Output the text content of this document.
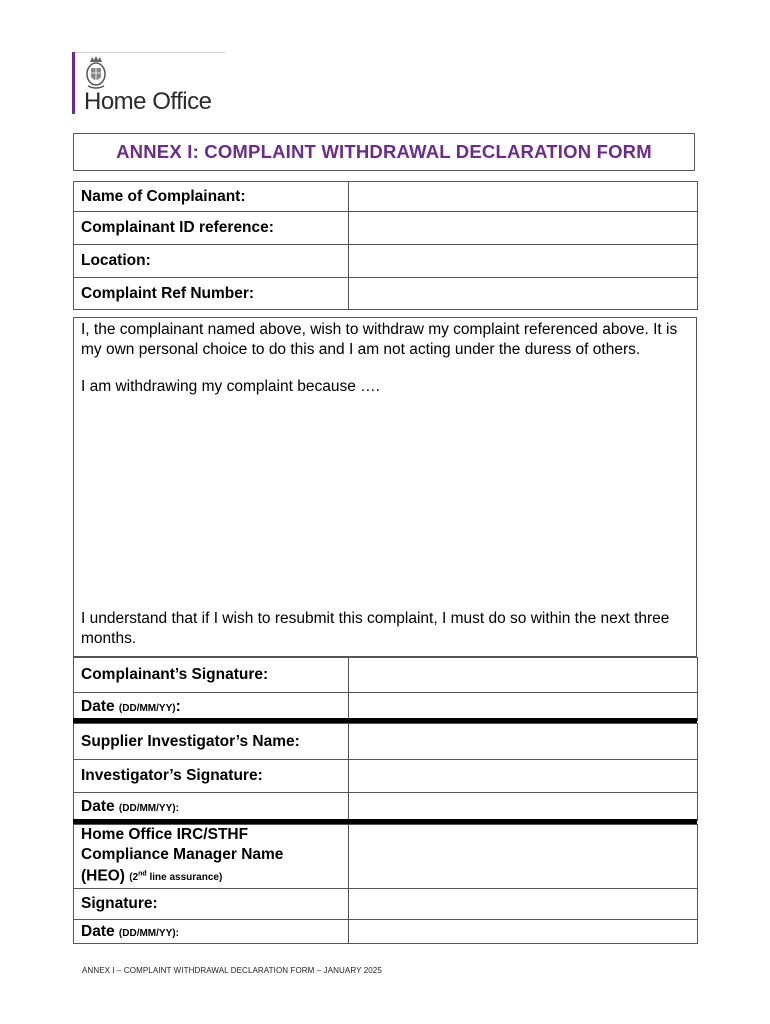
Home Office
ANNEX I: COMPLAINT WITHDRAWAL DECLARATION FORM
Name of Complainant:	
Complainant ID reference:	
Location:	
Complaint Ref Number:	

I, the complainant named above, wish to withdraw my complaint referenced above. It is my own personal choice to do this and I am not acting under the duress of others.

I am withdrawing my complaint because ….

I understand that if I wish to resubmit this complaint, I must do so within the next three months.

Complainant’s Signature:	
Date (DD/MM/YY):	
Supplier Investigator’s Name:	
Investigator’s Signature:	
Date (DD/MM/YY):	
Home Office IRC/STHF
Compliance Manager Name
(HEO) (2nd line assurance)	

Signature:	
Date (DD/MM/YY):	
ANNEX I – COMPLAINT WITHDRAWAL DECLARATION FORM – JANUARY 2025
